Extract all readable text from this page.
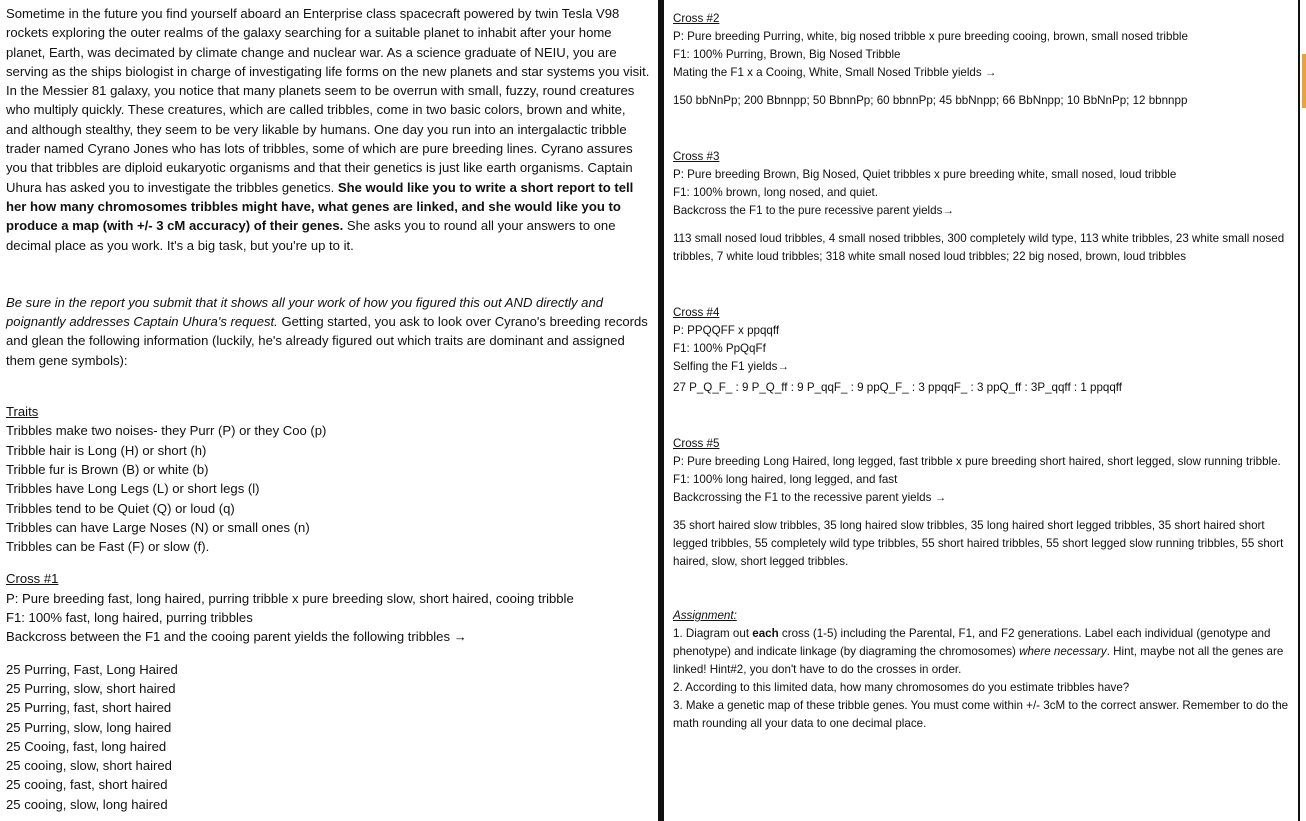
Sometime in the future you find yourself aboard an Enterprise class spacecraft powered by twin Tesla V98 rockets exploring the outer realms of the galaxy searching for a suitable planet to inhabit after your home planet, Earth, was decimated by climate change and nuclear war. As a science graduate of NEIU, you are serving as the ships biologist in charge of investigating life forms on the new planets and star systems you visit. In the Messier 81 galaxy, you notice that many planets seem to be overrun with small, fuzzy, round creatures who multiply quickly. These creatures, which are called tribbles, come in two basic colors, brown and white, and although stealthy, they seem to be very likable by humans. One day you run into an intergalactic tribble trader named Cyrano Jones who has lots of tribbles, some of which are pure breeding lines. Cyrano assures you that tribbles are diploid eukaryotic organisms and that their genetics is just like earth organisms. Captain Uhura has asked you to investigate the tribbles genetics. She would like you to write a short report to tell her how many chromosomes tribbles might have, what genes are linked, and she would like you to produce a map (with +/- 3 cM accuracy) of their genes. She asks you to round all your answers to one decimal place as you work. It's a big task, but you're up to it.

Be sure in the report you submit that it shows all your work of how you figured this out AND directly and poignantly addresses Captain Uhura's request. Getting started, you ask to look over Cyrano's breeding records and glean the following information (luckily, he's already figured out which traits are dominant and assigned them gene symbols):

Traits

Tribbles make two noises- they Purr (P) or they Coo (p)
Tribble hair is Long (H) or short (h)
Tribble fur is Brown (B) or white (b)
Tribbles have Long Legs (L) or short legs (l)
Tribbles tend to be Quiet (Q) or loud (q)
Tribbles can have Large Noses (N) or small ones (n)
Tribbles can be Fast (F) or slow (f).

Cross #1

P: Pure breeding fast, long haired, purring tribble x pure breeding slow, short haired, cooing tribble

F1: 100% fast, long haired, purring tribbles

Backcross between the F1 and the cooing parent yields the following tribbles →

25 Purring, Fast, Long Haired
25 Purring, slow, short haired
25 Purring, fast, short haired
25 Purring, slow, long haired
25 Cooing, fast, long haired
25 cooing, slow, short haired
25 cooing, fast, short haired
25 cooing, slow, long haired

Cross #2

P: Pure breeding Purring, white, big nosed tribble x pure breeding cooing, brown, small nosed tribble

F1: 100% Purring, Brown, Big Nosed Tribble

Mating the F1 x a Cooing, White, Small Nosed Tribble yields →

150 bbNnPp; 200 Bbnnpp; 50 BbnnPp; 60 bbnnPp; 45 bbNnpp; 66 BbNnpp; 10 BbNnPp; 12 bbnnpp

Cross #3

P: Pure breeding Brown, Big Nosed, Quiet tribbles x pure breeding white, small nosed, loud tribble

F1: 100% brown, long nosed, and quiet.

Backcross the F1 to the pure recessive parent yields→

113 small nosed loud tribbles, 4 small nosed tribbles, 300 completely wild type, 113 white tribbles, 23 white small nosed tribbles, 7 white loud tribbles; 318 white small nosed loud tribbles; 22 big nosed, brown, loud tribbles

Cross #4

P: PPQQFF x ppqqff

F1: 100% PpQqFf

Selfing the F1 yields→

27 P_Q_F_ : 9 P_Q_ff : 9 P_qqF_ : 9 ppQ_F_ : 3 ppqqF_ : 3 ppQ_ff : 3P_qqff : 1 ppqqff

Cross #5

P: Pure breeding Long Haired, long legged, fast tribble x pure breeding short haired, short legged, slow running tribble.

F1: 100% long haired, long legged, and fast

Backcrossing the F1 to the recessive parent yields →

35 short haired slow tribbles, 35 long haired slow tribbles, 35 long haired short legged tribbles, 35 short haired short legged tribbles, 55 completely wild type tribbles, 55 short haired tribbles, 55 short legged slow running tribbles, 55 short haired, slow, short legged tribbles.

Assignment:

1. Diagram out each cross (1-5) including the Parental, F1, and F2 generations. Label each individual (genotype and phenotype) and indicate linkage (by diagraming the chromosomes) where necessary. Hint, maybe not all the genes are linked! Hint#2, you don't have to do the crosses in order.

2. According to this limited data, how many chromosomes do you estimate tribbles have?

3. Make a genetic map of these tribble genes. You must come within +/- 3cM to the correct answer. Remember to do the math rounding all your data to one decimal place.
